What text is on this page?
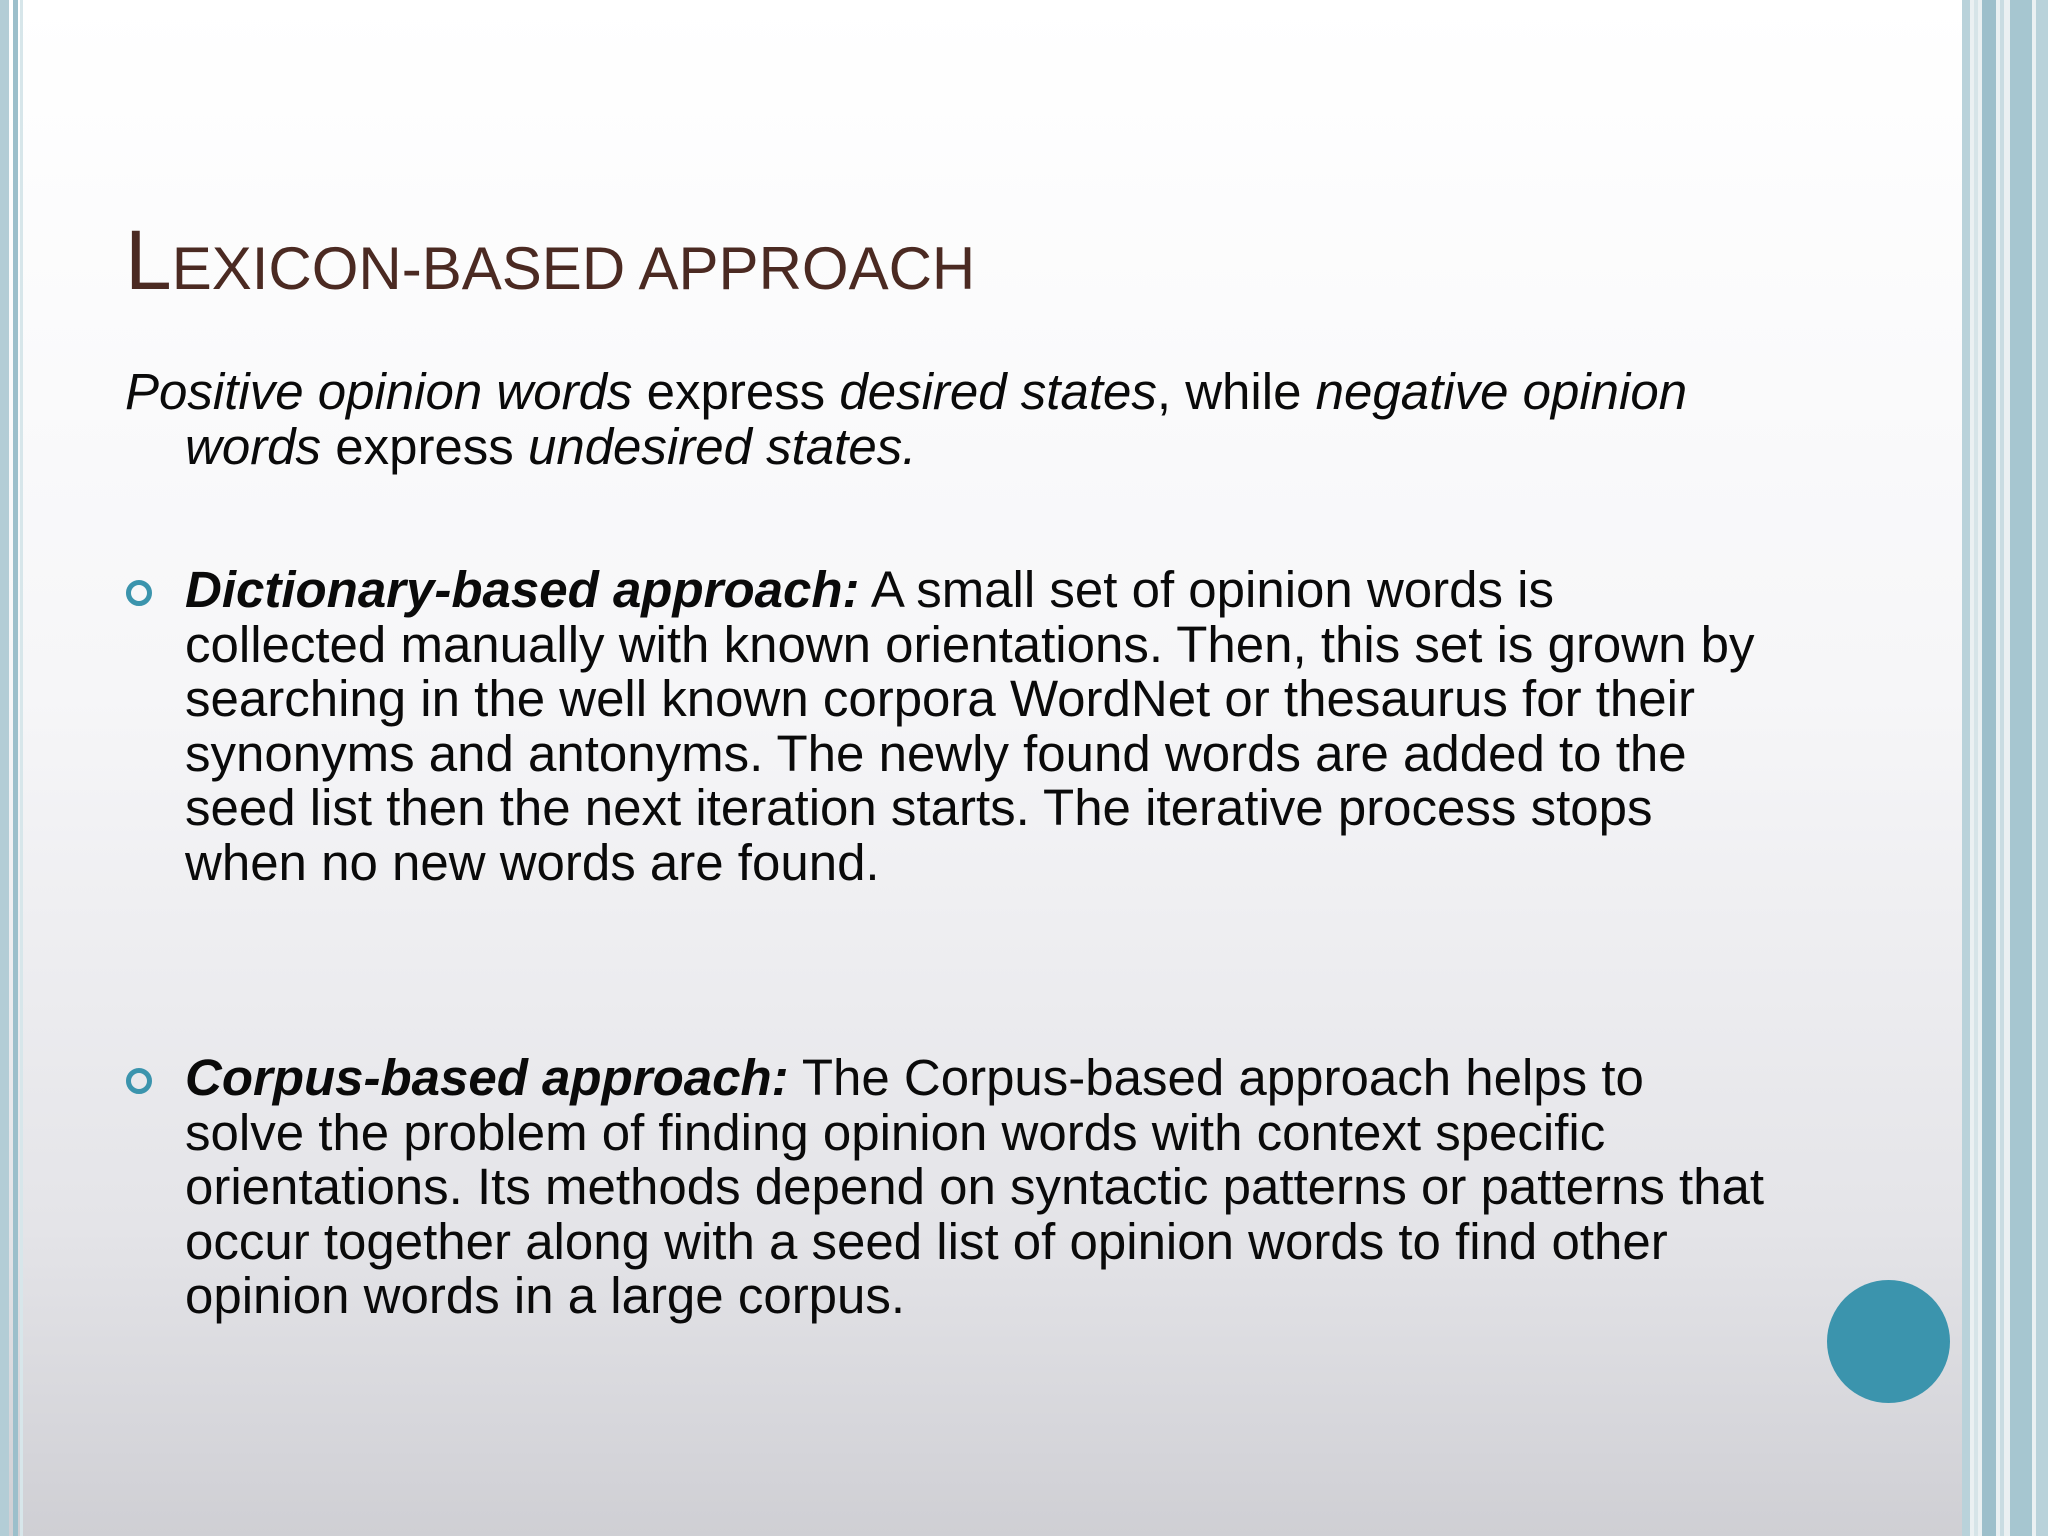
LEXICON-BASED APPROACH
Positive opinion words express desired states, while negative opinion words express undesired states.
Dictionary-based approach: A small set of opinion words is collected manually with known orientations. Then, this set is grown by searching in the well known corpora WordNet or thesaurus for their synonyms and antonyms. The newly found words are added to the seed list then the next iteration starts. The iterative process stops when no new words are found.
Corpus-based approach: The Corpus-based approach helps to solve the problem of finding opinion words with context specific orientations. Its methods depend on syntactic patterns or patterns that occur together along with a seed list of opinion words to find other opinion words in a large corpus.
